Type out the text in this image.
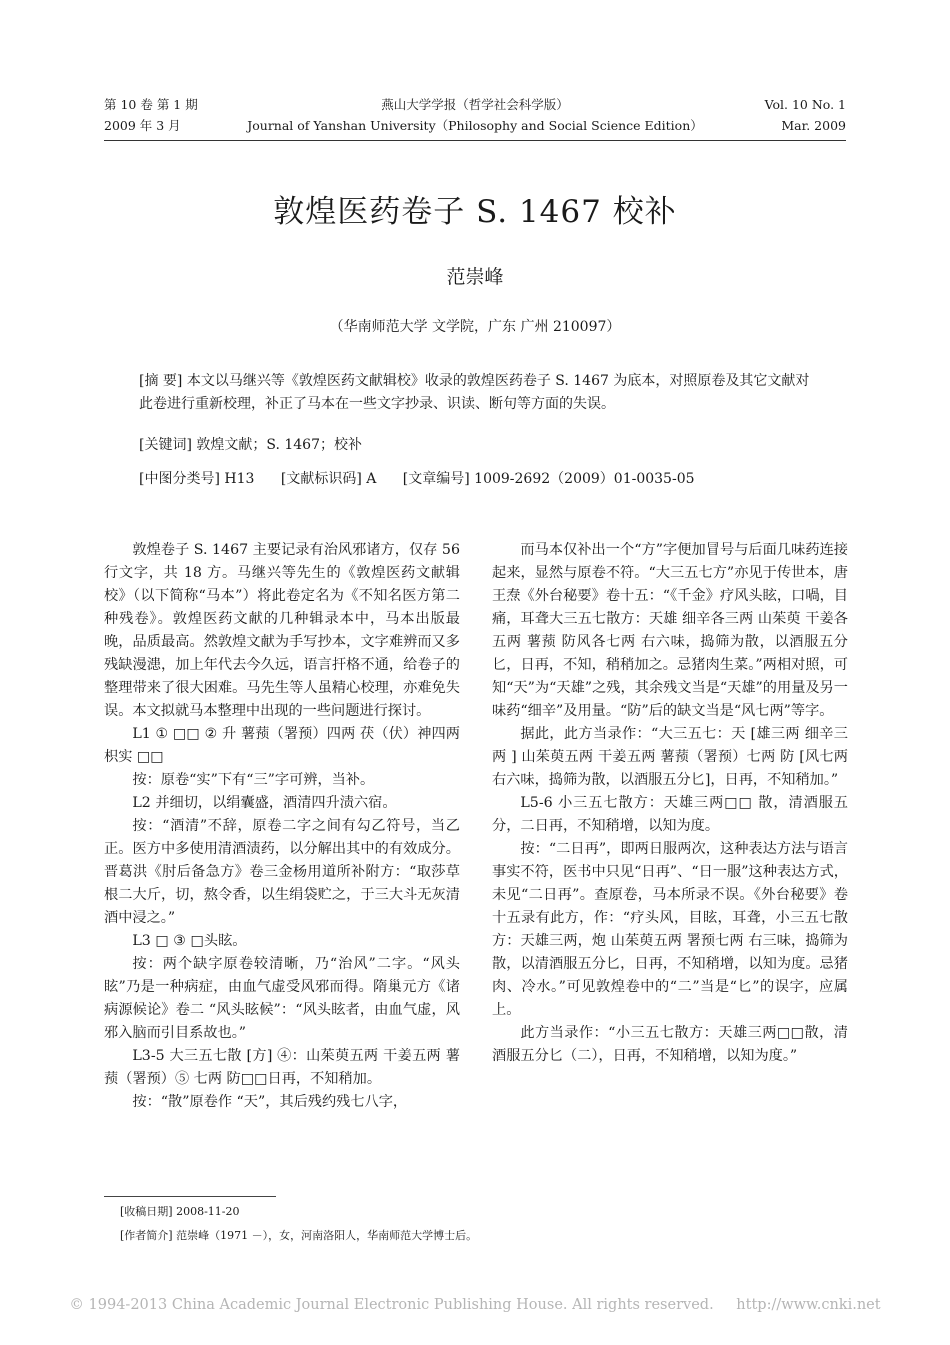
第 10 卷 第 1 期
2009 年 3 月
燕山大学学报（哲学社会科学版）
Journal of Yanshan University（Philosophy and Social Science Edition）
Vol. 10 No. 1
Mar. 2009
敦煌医药卷子 S. 1467 校补
范崇峰
（华南师范大学 文学院，广东 广州 210097）
[摘 要] 本文以马继兴等《敦煌医药文献辑校》收录的敦煌医药卷子 S. 1467 为底本，对照原卷及其它文献对此卷进行重新校理，补正了马本在一些文字抄录、识读、断句等方面的失误。
[关键词] 敦煌文献；S. 1467；校补
[中图分类号] H13 [文献标识码] A [文章编号] 1009-2692（2009）01-0035-05

敦煌卷子 S. 1467 主要记录有治风邪诸方，仅存 56 行文字，共 18 方。马继兴等先生的《敦煌医药文献辑校》（以下简称“马本”）将此卷定名为《不知名医方第二种残卷》。敦煌医药文献的几种辑录本中，马本出版最晚，品质最高。然敦煌文献为手写抄本，文字难辨而又多残缺漫漶，加上年代去今久远，语言扞格不通，给卷子的整理带来了很大困难。马先生等人虽精心校理，亦难免失误。本文拟就马本整理中出现的一些问题进行探讨。

L1 ① □□ ② 升 薯蓣（署预）四两 茯（伏）神四两 枳实 □□

按：原卷“实”下有“三”字可辨，当补。

L2 并细切，以绢囊盛，酒清四升渍六宿。

按：“酒清”不辞，原卷二字之间有勾乙符号，当乙正。医方中多使用清酒渍药，以分解出其中的有效成分。晋葛洪《肘后备急方》卷三金杨用道所补附方：“取莎草根二大斤，切，熬令香，以生绢袋贮之，于三大斗无灰清酒中浸之。”

L3 □ ③ □头眩。

按：两个缺字原卷较清晰，乃“治风”二字。“风头眩”乃是一种病症，由血气虚受风邪而得。隋巢元方《诸病源候论》卷二 “风头眩候”：“风头眩者，由血气虚，风邪入脑而引目系故也。”

L3-5 大三五七散 [方] ④：山茱萸五两 干姜五两 薯蓣（署预）⑤ 七两 防□□日再，不知稍加。

按：“散”原卷作 “天”，其后残约残七八字，

而马本仅补出一个“方”字便加冒号与后面几味药连接起来，显然与原卷不符。“大三五七方”亦见于传世本，唐王焘《外台秘要》卷十五：“《千金》疗风头眩，口喎，目痛，耳聋大三五七散方：天雄 细辛各三两 山茱萸 干姜各五两 薯蓣 防风各七两 右六味，捣筛为散，以酒服五分匕，日再，不知，稍稍加之。忌猪肉生菜。”两相对照，可知“天”为“天雄”之残，其余残文当是“天雄”的用量及另一味药“细辛”及用量。“防”后的缺文当是“风七两”等字。

据此，此方当录作：“大三五七：天 [雄三两 细辛三两 ] 山茱萸五两 干姜五两 薯蓣（署预）七两 防 [风七两 右六味，捣筛为散，以酒服五分匕]，日再，不知稍加。”

L5-6 小三五七散方：天雄三两□□ 散，清酒服五分，二日再，不知稍增，以知为度。

按：“二日再”，即两日服两次，这种表达方法与语言事实不符，医书中只见“日再”、“日一服”这种表达方式，未见“二日再”。查原卷，马本所录不误。《外台秘要》卷十五录有此方，作：“疗头风，目眩，耳聋，小三五七散方：天雄三两，炮 山茱萸五两 署预七两 右三味，捣筛为散，以清酒服五分匕，日再，不知稍增，以知为度。忌猪肉、冷水。”可见敦煌卷中的“二”当是“匕”的误字，应属上。

此方当录作：“小三五七散方：天雄三两□□散，清酒服五分匕（二），日再，不知稍增，以知为度。”

[收稿日期] 2008-11-20
[作者简介] 范崇峰（1971 －），女，河南洛阳人，华南师范大学博士后。
© 1994-2013 China Academic Journal Electronic Publishing House. All rights reserved. http://www.cnki.net
